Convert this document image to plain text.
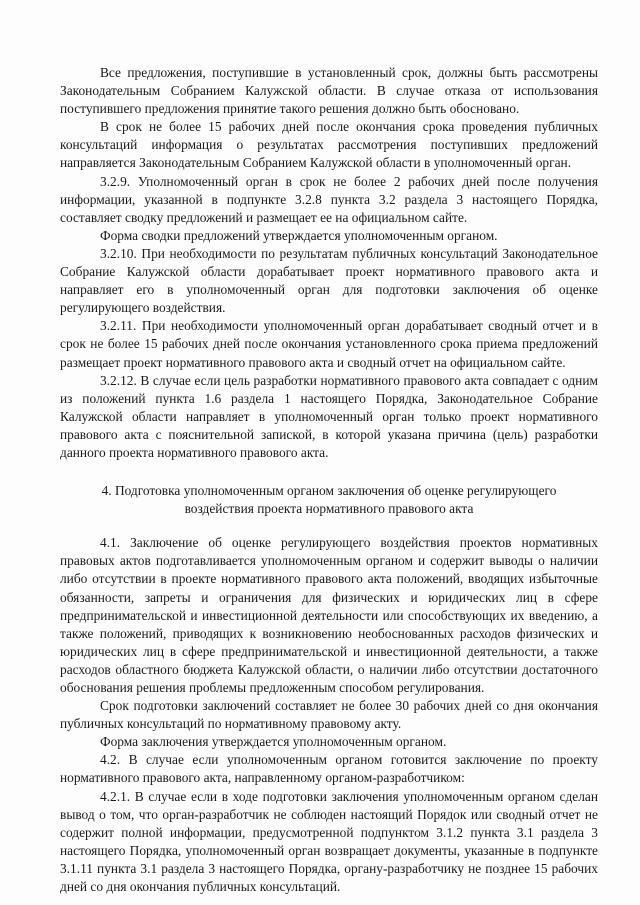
Все предложения, поступившие в установленный срок, должны быть рассмотрены Законодательным Собранием Калужской области. В случае отказа от использования поступившего предложения принятие такого решения должно быть обосновано.

В срок не более 15 рабочих дней после окончания срока проведения публичных консультаций информация о результатах рассмотрения поступивших предложений направляется Законодательным Собранием Калужской области в уполномоченный орган.

3.2.9. Уполномоченный орган в срок не более 2 рабочих дней после получения информации, указанной в подпункте 3.2.8 пункта 3.2 раздела 3 настоящего Порядка, составляет сводку предложений и размещает ее на официальном сайте.

Форма сводки предложений утверждается уполномоченным органом.

3.2.10. При необходимости по результатам публичных консультаций Законодательное Собрание Калужской области дорабатывает проект нормативного правового акта и направляет его в уполномоченный орган для подготовки заключения об оценке регулирующего воздействия.

3.2.11. При необходимости уполномоченный орган дорабатывает сводный отчет и в срок не более 15 рабочих дней после окончания установленного срока приема предложений размещает проект нормативного правового акта и сводный отчет на официальном сайте.

3.2.12. В случае если цель разработки нормативного правового акта совпадает с одним из положений пункта 1.6 раздела 1 настоящего Порядка, Законодательное Собрание Калужской области направляет в уполномоченный орган только проект нормативного правового акта с пояснительной запиской, в которой указана причина (цель) разработки данного проекта нормативного правового акта.

4. Подготовка уполномоченным органом заключения об оценке регулирующего воздействия проекта нормативного правового акта

4.1. Заключение об оценке регулирующего воздействия проектов нормативных правовых актов подготавливается уполномоченным органом и содержит выводы о наличии либо отсутствии в проекте нормативного правового акта положений, вводящих избыточные обязанности, запреты и ограничения для физических и юридических лиц в сфере предпринимательской и инвестиционной деятельности или способствующих их введению, а также положений, приводящих к возникновению необоснованных расходов физических и юридических лиц в сфере предпринимательской и инвестиционной деятельности, а также расходов областного бюджета Калужской области, о наличии либо отсутствии достаточного обоснования решения проблемы предложенным способом регулирования.

Срок подготовки заключений составляет не более 30 рабочих дней со дня окончания публичных консультаций по нормативному правовому акту.

Форма заключения утверждается уполномоченным органом.

4.2. В случае если уполномоченным органом готовится заключение по проекту нормативного правового акта, направленному органом-разработчиком:

4.2.1. В случае если в ходе подготовки заключения уполномоченным органом сделан вывод о том, что орган-разработчик не соблюден настоящий Порядок или сводный отчет не содержит полной информации, предусмотренной подпунктом 3.1.2 пункта 3.1 раздела 3 настоящего Порядка, уполномоченный орган возвращает документы, указанные в подпункте 3.1.11 пункта 3.1 раздела 3 настоящего Порядка, органу-разработчику не позднее 15 рабочих дней со дня окончания публичных консультаций.
